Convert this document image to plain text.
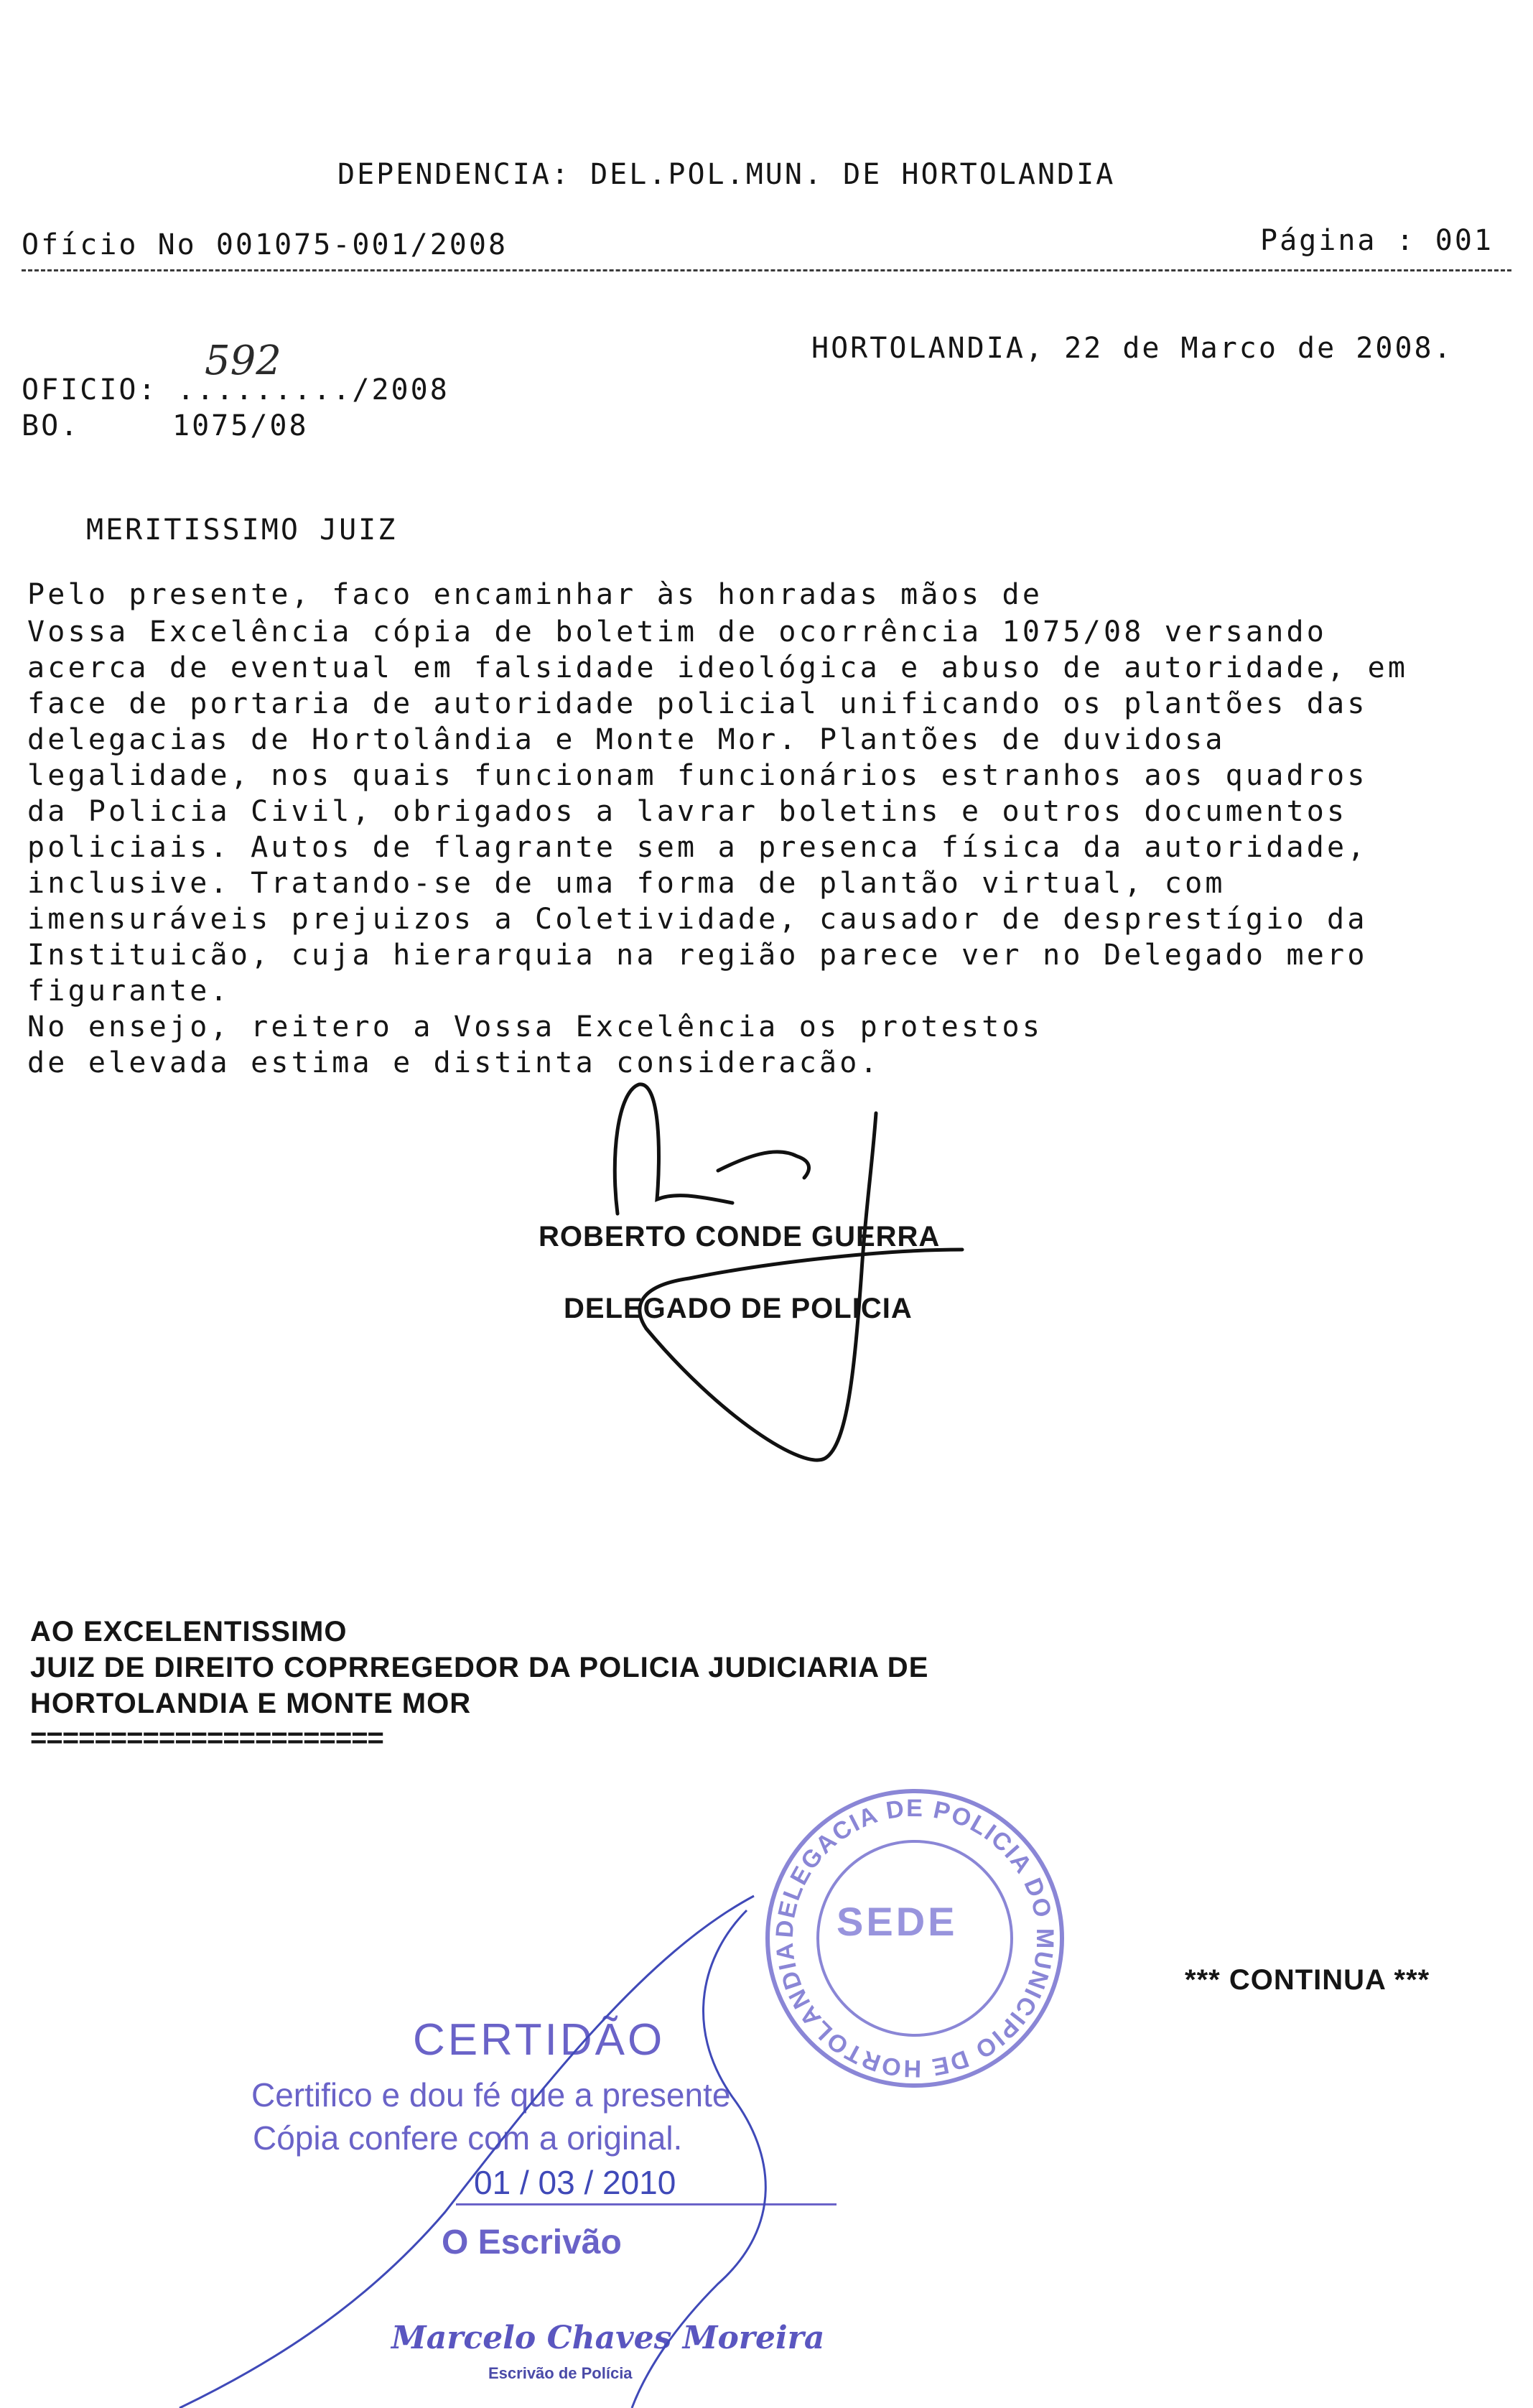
DEPENDENCIA: DEL.POL.MUN. DE HORTOLANDIA
Ofício No 001075-001/2008	Página : 001
HORTOLANDIA, 22 de Marco de 2008.
OFICIO: ........./2008
592
BO.	1075/08
MERITISSIMO JUIZ
Pelo presente, faco encaminhar às honradas mãos de
Vossa Excelência cópia de boletim de ocorrência 1075/08 versando
acerca de eventual em falsidade ideológica e abuso de autoridade, em
face de portaria de autoridade policial unificando os plantões das
delegacias de Hortolândia e Monte Mor. Plantões de duvidosa
legalidade, nos quais funcionam funcionários estranhos aos quadros
da Policia Civil, obrigados a lavrar boletins e outros documentos
policiais. Autos de flagrante sem a presenca física da autoridade,
inclusive. Tratando-se de uma forma de plantão virtual, com
imensuráveis prejuizos a Coletividade, causador de desprestígio da
Instituicão, cuja hierarquia na região parece ver no Delegado mero
figurante.
No ensejo, reitero a Vossa Excelência os protestos
de elevada estima e distinta consideracão.
ROBERTO CONDE GUERRA
DELEGADO DE POLICIA
AO EXCELENTISSIMO
JUIZ DE DIREITO COPRREGEDOR DA POLICIA JUDICIARIA DE
HORTOLANDIA E MONTE MOR
======================
*** CONTINUA ***

DELEGACIA DE POLICIA DO MUNICIPIO DE HORTOLANDIA

SEDE

CERTIDÃO
Certifico e dou fé que a presente
Cópia confere com a original.
01 / 03 / 2010
O Escrivão
Marcelo Chaves Moreira
Escrivão de Polícia
